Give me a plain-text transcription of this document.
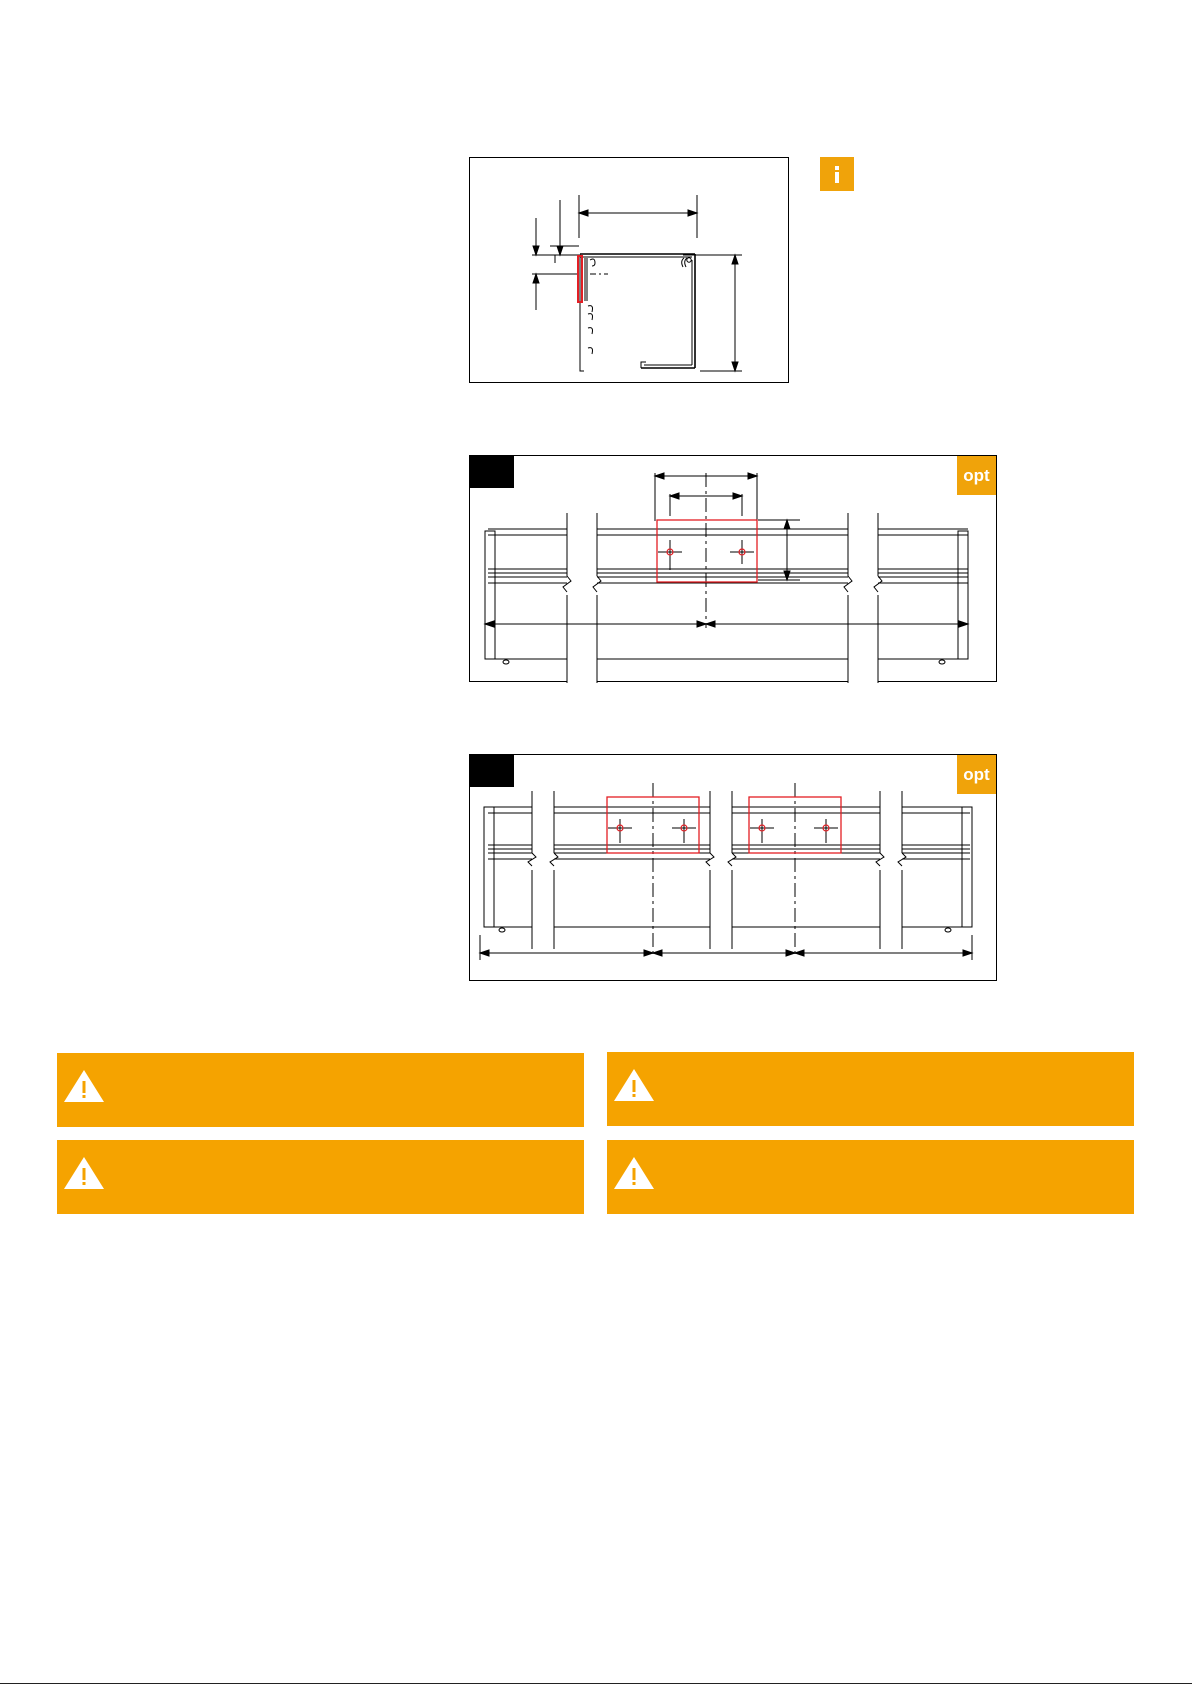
opt
opt
